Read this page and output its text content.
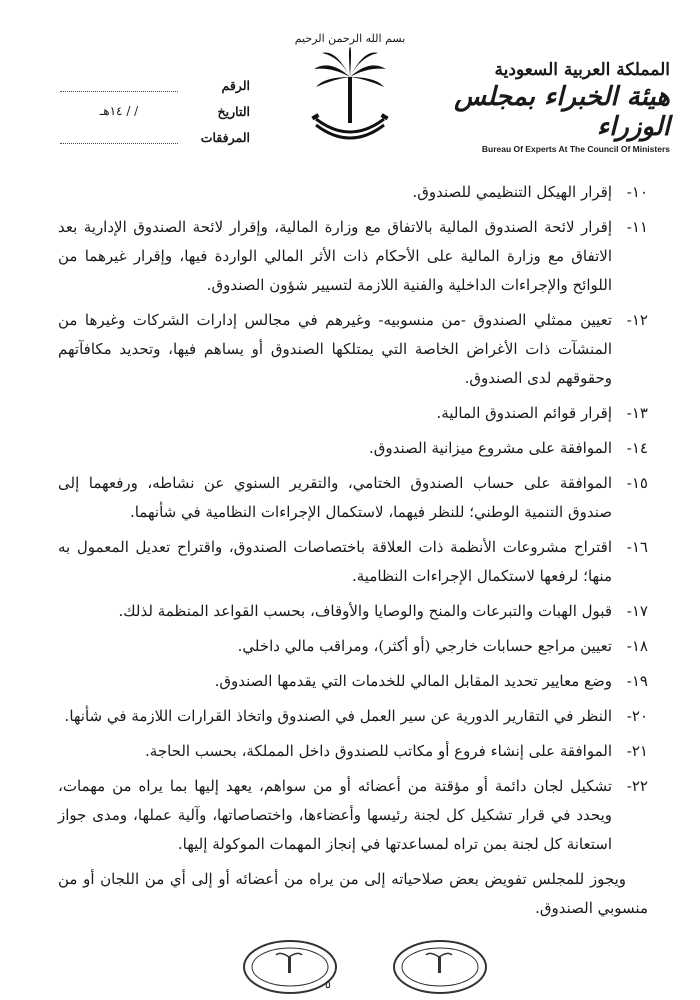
الرقم
التاريخ
/ / ١٤هـ
المرفقات
بسم الله الرحمن الرحيم
المملكة العربية السعودية
هيئة الخبراء بمجلس الوزراء
Bureau Of Experts At The Council Of Ministers
١٠-
إقرار الهيكل التنظيمي للصندوق.
١١-
إقرار لائحة الصندوق المالية بالاتفاق مع وزارة المالية، وإقرار لائحة الصندوق الإدارية بعد الاتفاق مع وزارة المالية على الأحكام ذات الأثر المالي الواردة فيها، وإقرار غيرهما من اللوائح والإجراءات الداخلية والفنية اللازمة لتسيير شؤون الصندوق.
١٢-
تعيين ممثلي الصندوق -من منسوبيه- وغيرهم في مجالس إدارات الشركات وغيرها من المنشآت ذات الأغراض الخاصة التي يمتلكها الصندوق أو يساهم فيها، وتحديد مكافآتهم وحقوقهم لدى الصندوق.
١٣-
إقرار قوائم الصندوق المالية.
١٤-
الموافقة على مشروع ميزانية الصندوق.
١٥-
الموافقة على حساب الصندوق الختامي، والتقرير السنوي عن نشاطه، ورفعهما إلى صندوق التنمية الوطني؛ للنظر فيهما، لاستكمال الإجراءات النظامية في شأنهما.
١٦-
اقتراح مشروعات الأنظمة ذات العلاقة باختصاصات الصندوق، واقتراح تعديل المعمول به منها؛ لرفعها لاستكمال الإجراءات النظامية.
١٧-
قبول الهبات والتبرعات والمنح والوصايا والأوقاف، بحسب القواعد المنظمة لذلك.
١٨-
تعيين مراجع حسابات خارجي (أو أكثر)، ومراقب مالي داخلي.
١٩-
وضع معايير تحديد المقابل المالي للخدمات التي يقدمها الصندوق.
٢٠-
النظر في التقارير الدورية عن سير العمل في الصندوق واتخاذ القرارات اللازمة في شأنها.
٢١-
الموافقة على إنشاء فروع أو مكاتب للصندوق داخل المملكة، بحسب الحاجة.
٢٢-
تشكيل لجان دائمة أو مؤقتة من أعضائه أو من سواهم، يعهد إليها بما يراه من مهمات، ويحدد في قرار تشكيل كل لجنة رئيسها وأعضاءها، واختصاصاتها، وآلية عملها، ومدى جواز استعانة كل لجنة بمن تراه لمساعدتها في إنجاز المهمات الموكولة إليها.
ويجوز للمجلس تفويض بعض صلاحياته إلى من يراه من أعضائه أو إلى أي من اللجان أو من منسوبي الصندوق.
٥
